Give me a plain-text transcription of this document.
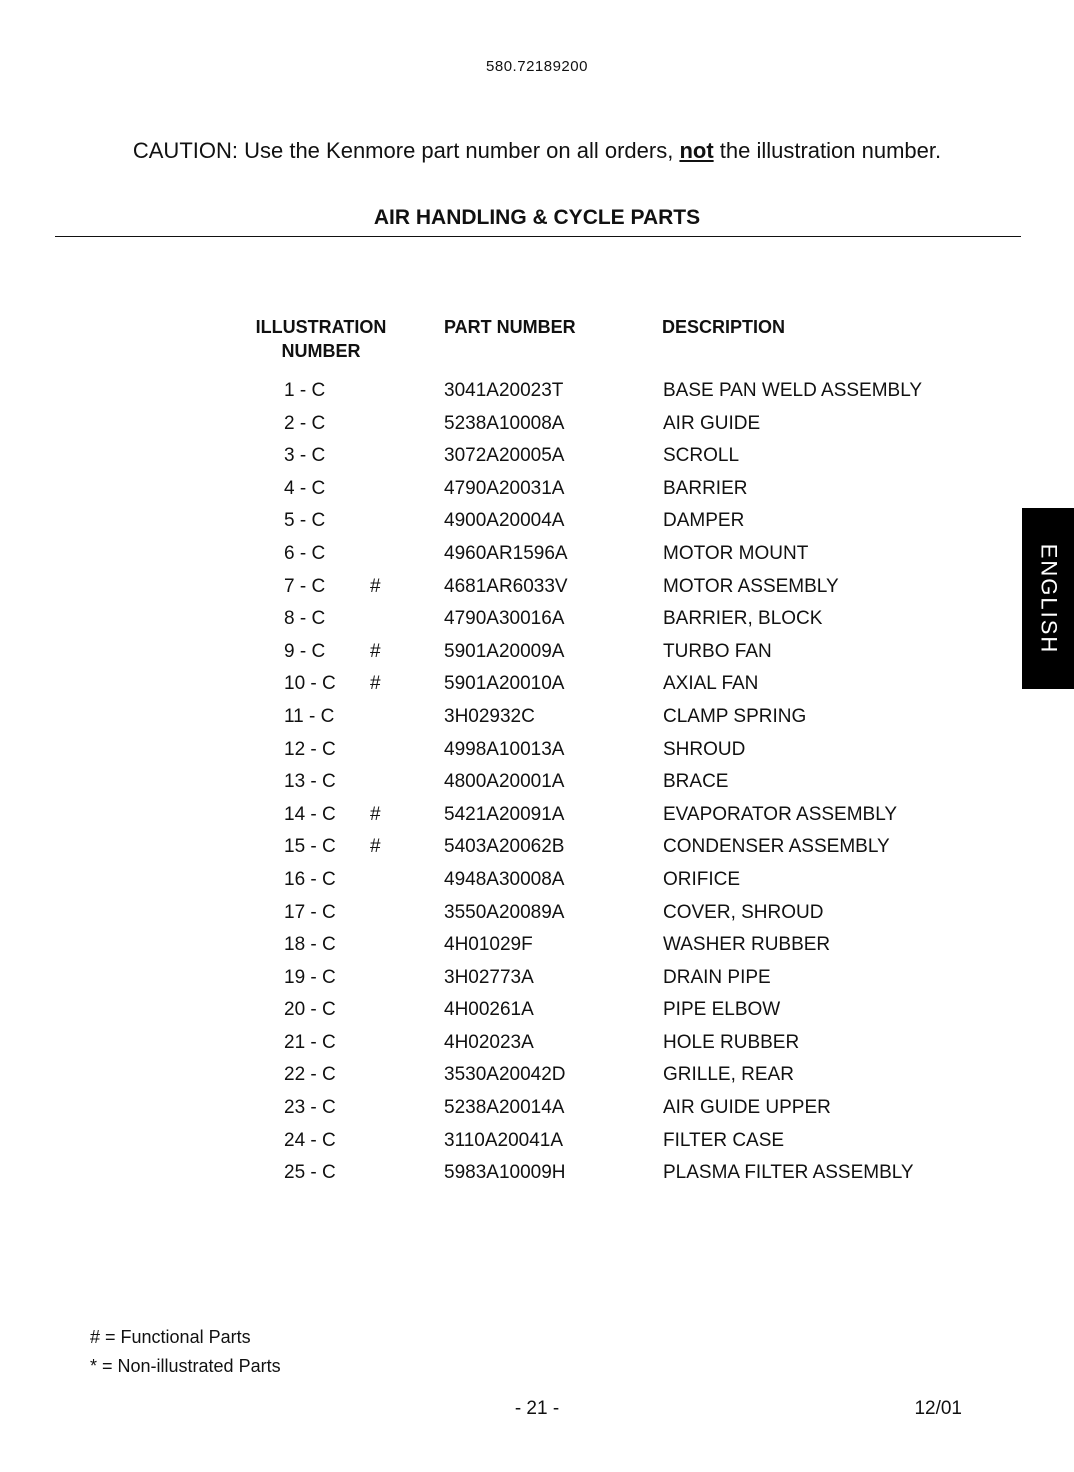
580.72189200
CAUTION: Use the Kenmore part number on all orders, not the illustration number.
AIR HANDLING & CYCLE PARTS
ILLUSTRATION
NUMBER
PART NUMBER	DESCRIPTION
1 - C	3041A20023T	BASE PAN WELD ASSEMBLY
2 - C	5238A10008A	AIR GUIDE
3 - C	3072A20005A	SCROLL
4 - C	4790A20031A	BARRIER
5 - C	4900A20004A	DAMPER
6 - C	4960AR1596A	MOTOR MOUNT
7 - C #	4681AR6033V	MOTOR ASSEMBLY
8 - C	4790A30016A	BARRIER, BLOCK
9 - C #	5901A20009A	TURBO FAN
10 - C #	5901A20010A	AXIAL FAN
11 - C	3H02932C	CLAMP SPRING
12 - C	4998A10013A	SHROUD
13 - C	4800A20001A	BRACE
14 - C #	5421A20091A	EVAPORATOR ASSEMBLY
15 - C #	5403A20062B	CONDENSER ASSEMBLY
16 - C	4948A30008A	ORIFICE
17 - C	3550A20089A	COVER, SHROUD
18 - C	4H01029F	WASHER RUBBER
19 - C	3H02773A	DRAIN PIPE
20 - C	4H00261A	PIPE ELBOW
21 - C	4H02023A	HOLE RUBBER
22 - C	3530A20042D	GRILLE, REAR
23 - C	5238A20014A	AIR GUIDE UPPER
24 - C	3110A20041A	FILTER CASE
25 - C	5983A10009H	PLASMA FILTER ASSEMBLY
ENGLISH
# = Functional Parts
* = Non-illustrated Parts
- 21 -	12/01
